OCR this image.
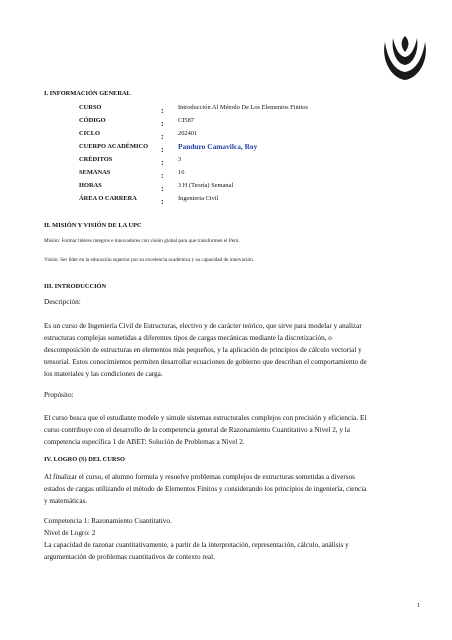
I. INFORMACIÓN GENERAL
CURSO	: Introducción Al Método De Los Elementos Finitos
CÓDIGO	: CI587
CICLO	: 202401
CUERPO ACADÉMICO : Panduro Camavilca, Roy
CRÉDITOS	: 3
SEMANAS	: 16
HORAS	: 3 H (Teoría) Semanal
ÁREA O CARRERA	: Ingenieria Civil
II. MISIÓN Y VISIÓN DE LA UPC
Misión: Formar líderes íntegros e innovadores con visión global para que transformen el Perú.
Visión: Ser líder en la educación superior por su excelencia académica y su capacidad de innovación.
III. INTRODUCCIÓN
Descripción:
Es un curso de Ingeniería Civil de Estructuras, electivo y de carácter teórico, que sirve para modelar y analizar
estructuras complejas sometidas a diferentes tipos de cargas mecánicas mediante la discretización, o
descomposición de estructuras en elementos más pequeños, y la aplicación de principios de cálculo vectorial y
tensorial. Estos conocimientos permiten desarrollar ecuaciones de gobierno que describan el comportamiento de
los materiales y las condiciones de carga.
Propósito:
El curso busca que el estudiante modele y simule sistemas estructurales complejos con precisión y eficiencia. El
curso contribuye con el desarrollo de la competencia general de Razonamiento Cuantitativo a Nivel 2, y la
competencia específica 1 de ABET: Solución de Problemas a Nivel 2.
IV. LOGRO (S) DEL CURSO
Al finalizar el curso, el alumno formula y resuelve problemas complejos de estructuras sometidas a diversos
estados de cargas utilizando el método de Elementos Finitos y considerando los principios de ingeniería, ciencia
y matemáticas.
Competencia 1: Razonamiento Cuantitativo.
Nivel de Logro: 2
La capacidad de razonar cuantitativamente, a partir de la interpretación, representación, cálculo, análisis y
argumentación de problemas cuantitativos de contexto real.
1
